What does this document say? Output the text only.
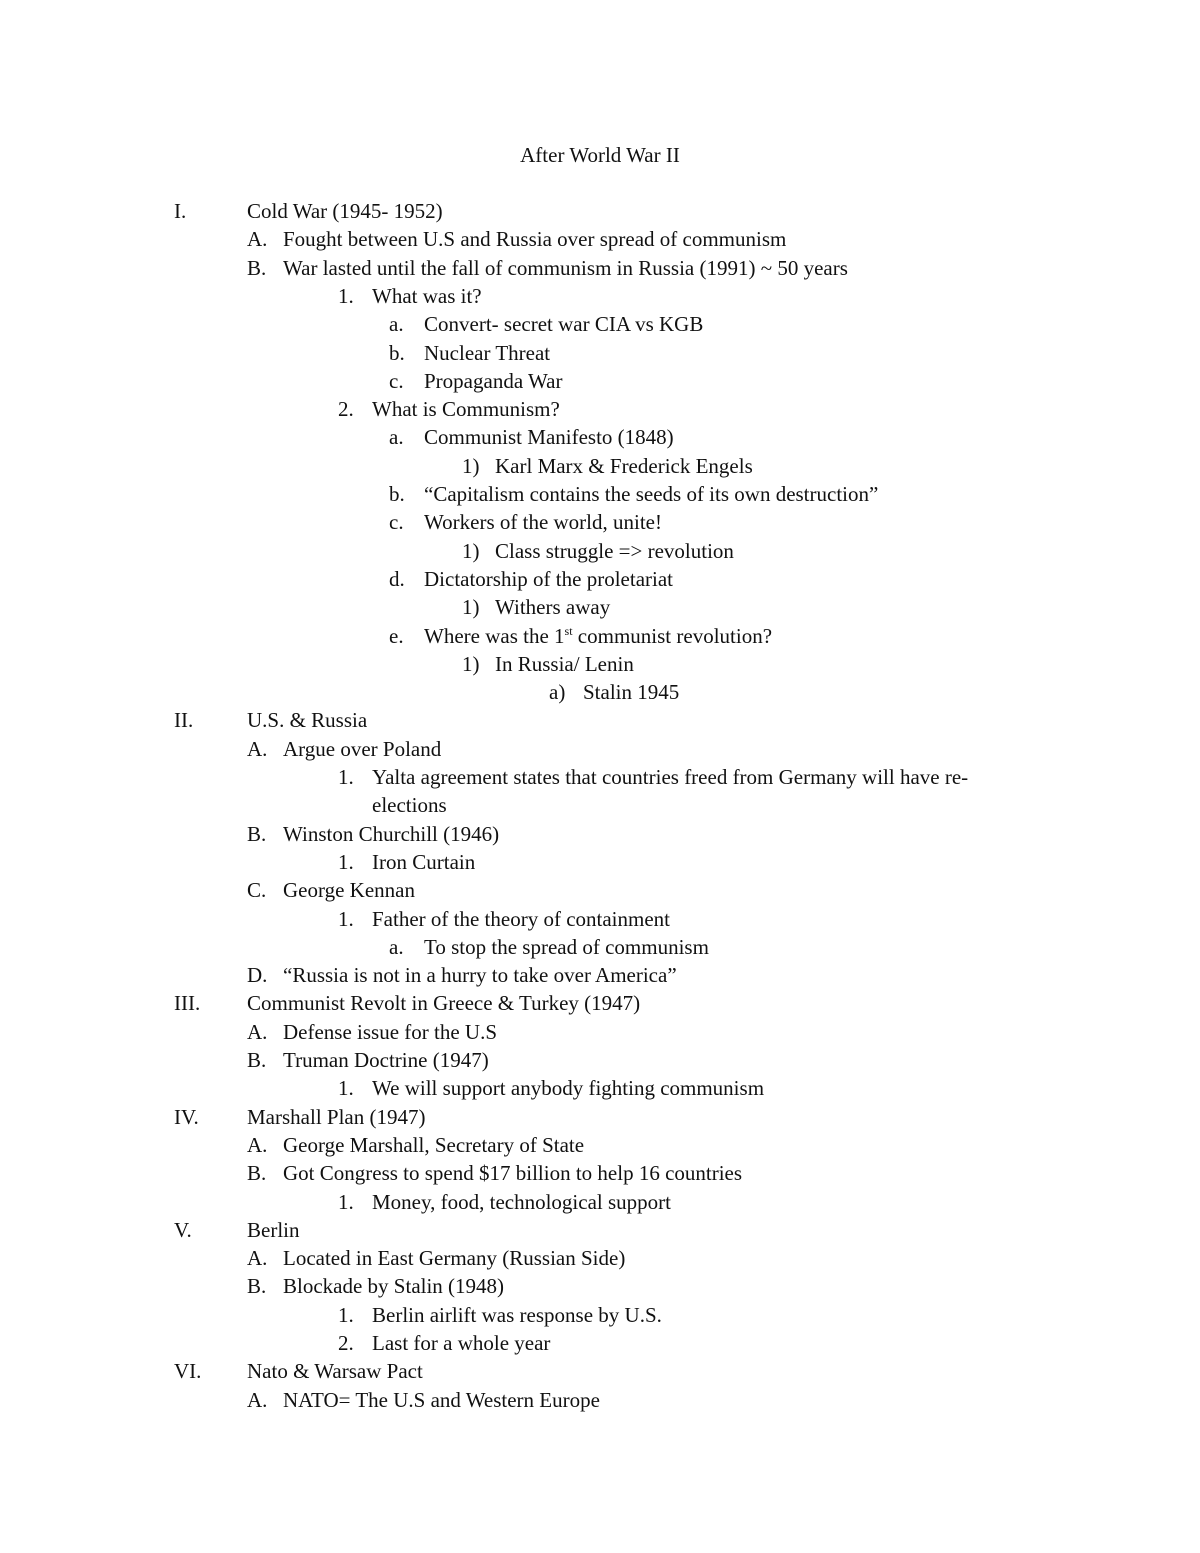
After World War II
I.	Cold War (1945- 1952)
A. Fought between U.S and Russia over spread of communism
B. War lasted until the fall of communism in Russia (1991) ~ 50 years
1. What was it?
a. Convert- secret war CIA vs KGB
b. Nuclear Threat
c. Propaganda War
2. What is Communism?
a. Communist Manifesto (1848)
1) Karl Marx & Frederick Engels
b. “Capitalism contains the seeds of its own destruction”
c. Workers of the world, unite!
1) Class struggle => revolution
d. Dictatorship of the proletariat
1) Withers away
e. Where was the 1st communist revolution?
1) In Russia/ Lenin
a) Stalin 1945
II.	U.S. & Russia
A. Argue over Poland
1. Yalta agreement states that countries freed from Germany will have re-
elections
B. Winston Churchill (1946)
1. Iron Curtain
C. George Kennan
1. Father of the theory of containment
a. To stop the spread of communism
D. “Russia is not in a hurry to take over America”
III. Communist Revolt in Greece & Turkey (1947)
A. Defense issue for the U.S
B. Truman Doctrine (1947)
1. We will support anybody fighting communism
IV. Marshall Plan (1947)
A. George Marshall, Secretary of State
B. Got Congress to spend $17 billion to help 16 countries
1. Money, food, technological support
V.	Berlin
A. Located in East Germany (Russian Side)
B. Blockade by Stalin (1948)
1. Berlin airlift was response by U.S.
2. Last for a whole year
VI. Nato & Warsaw Pact
A. NATO= The U.S and Western Europe
